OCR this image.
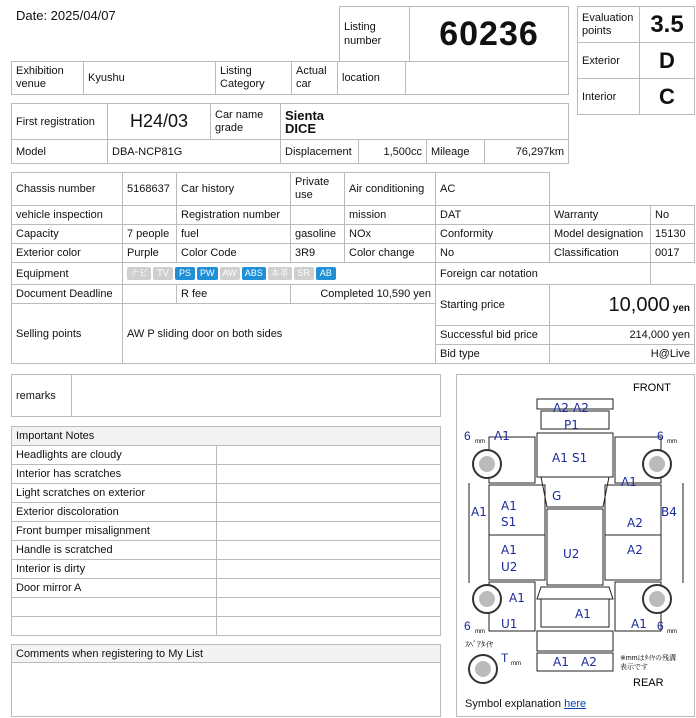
Date: 2025/04/07
Listing number	60236	Evaluation points	3.5
Exterior	D
Interior	C
Exhibition venue	Kyushu	Listing Category	Actual car	location	
First registration	H24/03	Car name grade	Sienta
DICE			

Model	DBA-NCP81G		Displacement	1,500cc	Mileage	76,297km
Chassis number	5168637	Car history	Private use	Air conditioning	AC		
vehicle inspection		Registration number		mission	DAT	Warranty	No
Capacity	7 people	fuel	gasoline	NOx	Conformity	Model designation	15130
Exterior color	Purple	Color Code	3R9	Color change	No	Classification	0017
Equipment	ナビ TV PS PW AW ABS 本革 SR AB				Foreign car notation		
Document Deadline		R fee	Completed 10,590 yen		Starting price	10,000 yen	
Selling points	AW P sliding door on both sides						
					Successful bid price	214,000 yen	
					Bid type	H@Live	
remarks	
Important Notes	
Headlights are cloudy	
Interior has scratches	
Light scratches on exterior	
Exterior discoloration	
Front bumper misalignment	
Handle is scratched	
Interior is dirty	
Door mirror A	

Comments when registering to My List

FRONT
REAR
ｽﾍﾟｱﾀｲﾔ
※mmはﾀｲﾔの残溝表示です
A2 A2
P1
A1 S1
G
A1
A1
A1 A1
S1
A1
U2
U2
A2
A2
B4
A1
A1
U1
A1
A1 A2
6	6
6	6
T
mm	mm
mm	mm
mm
Symbol explanation here
